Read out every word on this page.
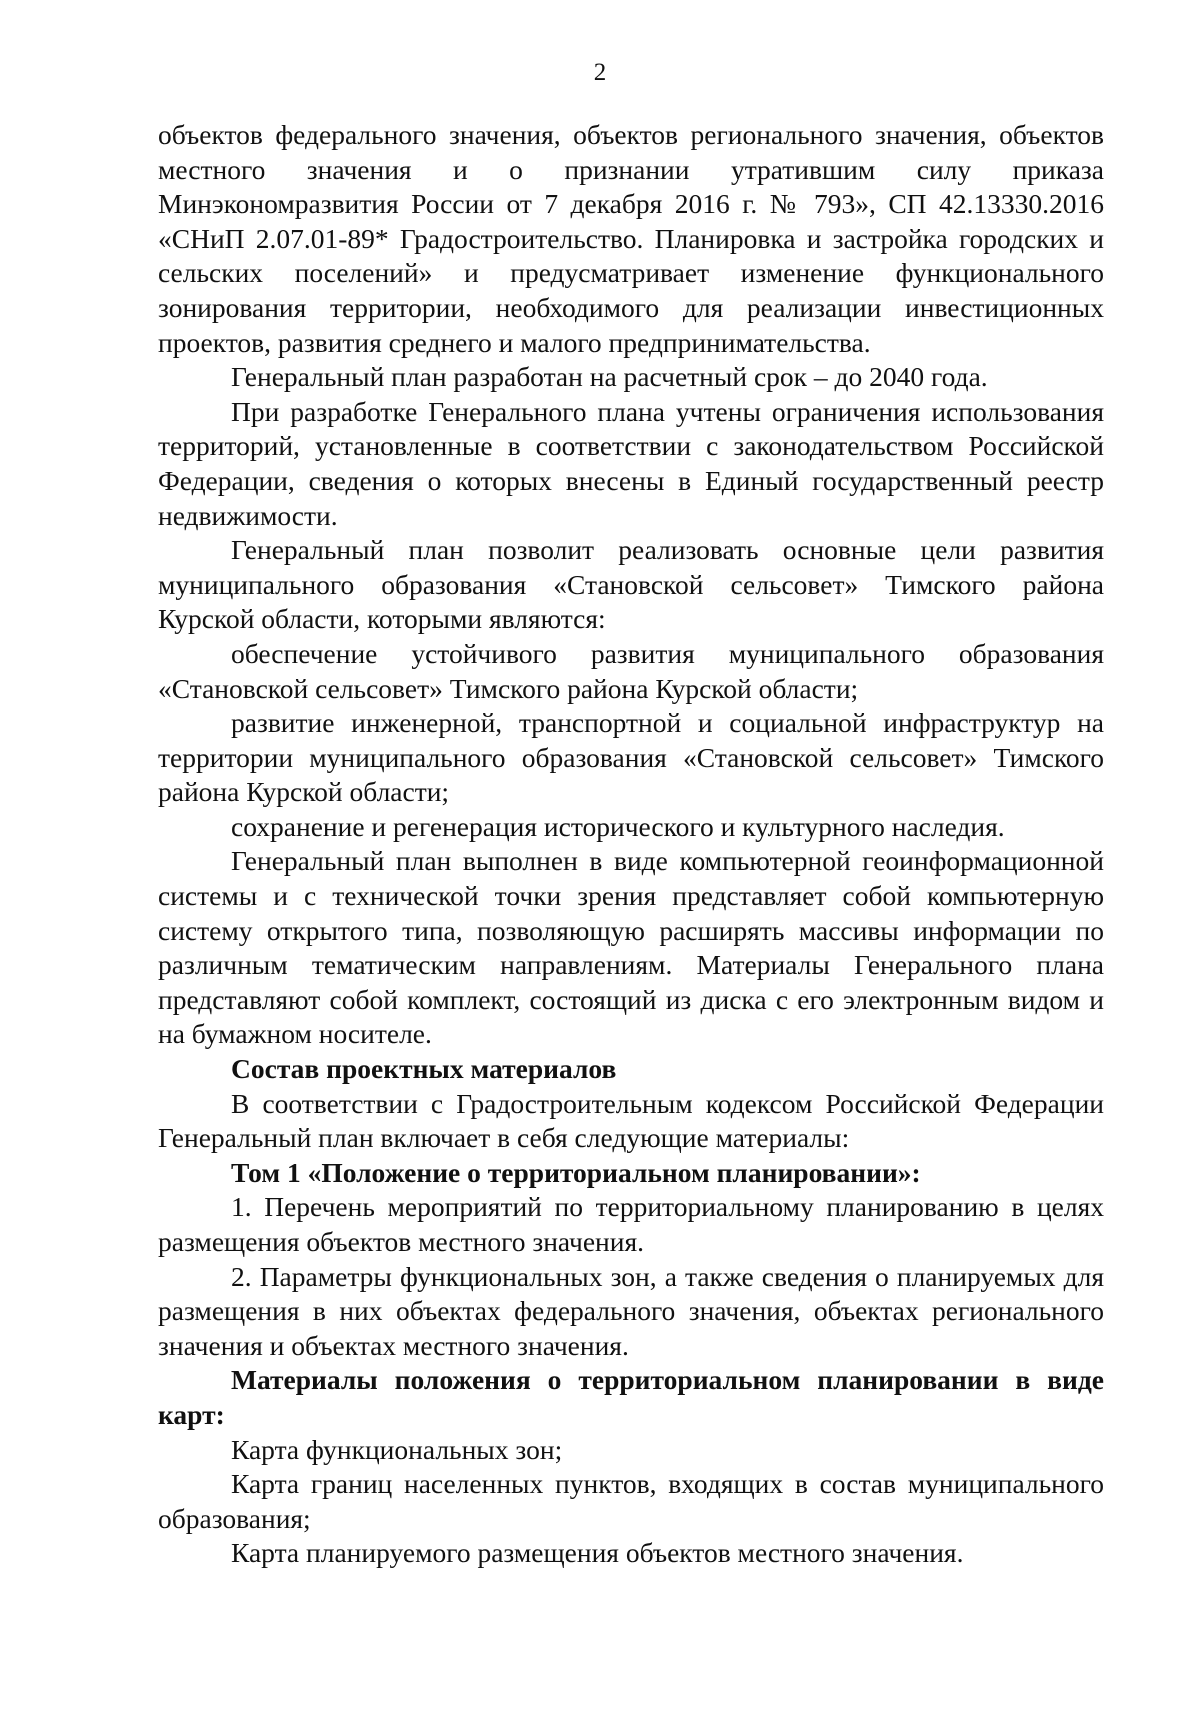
2

объектов федерального значения, объектов регионального значения, объектов местного значения и о признании утратившим силу приказа Минэкономразвития России от 7 декабря 2016 г. № 793», СП 42.13330.2016 «СНиП 2.07.01-89* Градостроительство. Планировка и застройка городских и сельских поселений» и предусматривает изменение функционального зонирования территории, необходимого для реализации инвестиционных проектов, развития среднего и малого предпринимательства.

Генеральный план разработан на расчетный срок – до 2040 года.

При разработке Генерального плана учтены ограничения использования территорий, установленные в соответствии с законодательством Российской Федерации, сведения о которых внесены в Единый государственный реестр недвижимости.

Генеральный план позволит реализовать основные цели развития муниципального образования «Становской сельсовет» Тимского района Курской области, которыми являются:

обеспечение устойчивого развития муниципального образования «Становской сельсовет» Тимского района Курской области;

развитие инженерной, транспортной и социальной инфраструктур на территории муниципального образования «Становской сельсовет» Тимского района Курской области;

сохранение и регенерация исторического и культурного наследия.

Генеральный план выполнен в виде компьютерной геоинформационной системы и с технической точки зрения представляет собой компьютерную систему открытого типа, позволяющую расширять массивы информации по различным тематическим направлениям. Материалы Генерального плана представляют собой комплект, состоящий из диска с его электронным видом и на бумажном носителе.

Состав проектных материалов

В соответствии с Градостроительным кодексом Российской Федерации Генеральный план включает в себя следующие материалы:

Том 1 «Положение о территориальном планировании»:

1. Перечень мероприятий по территориальному планированию в целях размещения объектов местного значения.

2. Параметры функциональных зон, а также сведения о планируемых для размещения в них объектах федерального значения, объектах регионального значения и объектах местного значения.

Материалы положения о территориальном планировании в виде карт:

Карта функциональных зон;

Карта границ населенных пунктов, входящих в состав муниципального образования;

Карта планируемого размещения объектов местного значения.
